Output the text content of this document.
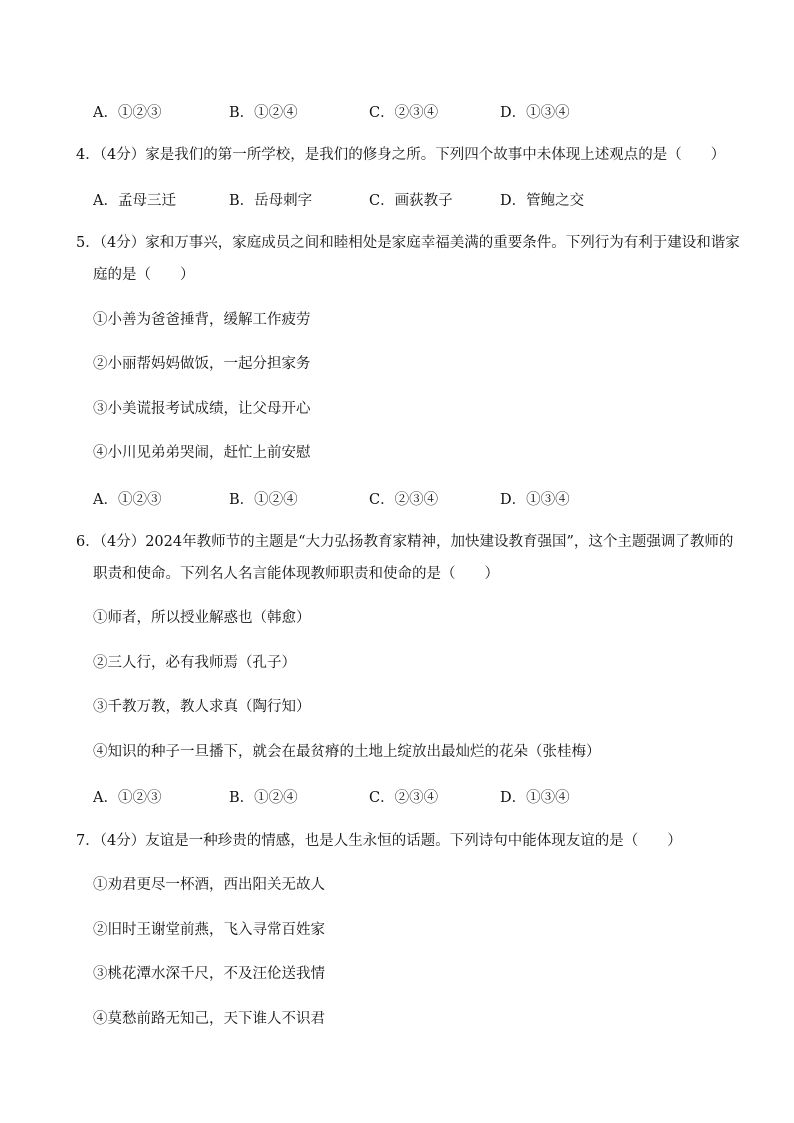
A．①②③	B．①②④	C．②③④	D．①③④
4．（4分）家是我们的第一所学校，是我们的修身之所。下列四个故事中未体现上述观点的是（　　）
A．孟母三迁	B．岳母刺字	C．画荻教子	D．管鲍之交
5．（4分）家和万事兴，家庭成员之间和睦相处是家庭幸福美满的重要条件。下列行为有利于建设和谐家
庭的是（　　）
①小善为爸爸捶背，缓解工作疲劳
②小丽帮妈妈做饭，一起分担家务
③小美谎报考试成绩，让父母开心
④小川见弟弟哭闹，赶忙上前安慰
A．①②③	B．①②④	C．②③④	D．①③④
6．（4分）2024年教师节的主题是“大力弘扬教育家精神，加快建设教育强国”，这个主题强调了教师的
职责和使命。下列名人名言能体现教师职责和使命的是（　　）
①师者，所以授业解惑也（韩愈）
②三人行，必有我师焉（孔子）
③千教万教，教人求真（陶行知）
④知识的种子一旦播下，就会在最贫瘠的土地上绽放出最灿烂的花朵（张桂梅）
A．①②③	B．①②④	C．②③④	D．①③④
7．（4分）友谊是一种珍贵的情感，也是人生永恒的话题。下列诗句中能体现友谊的是（　　）
①劝君更尽一杯酒，西出阳关无故人
②旧时王谢堂前燕，飞入寻常百姓家
③桃花潭水深千尺，不及汪伦送我情
④莫愁前路无知己，天下谁人不识君
